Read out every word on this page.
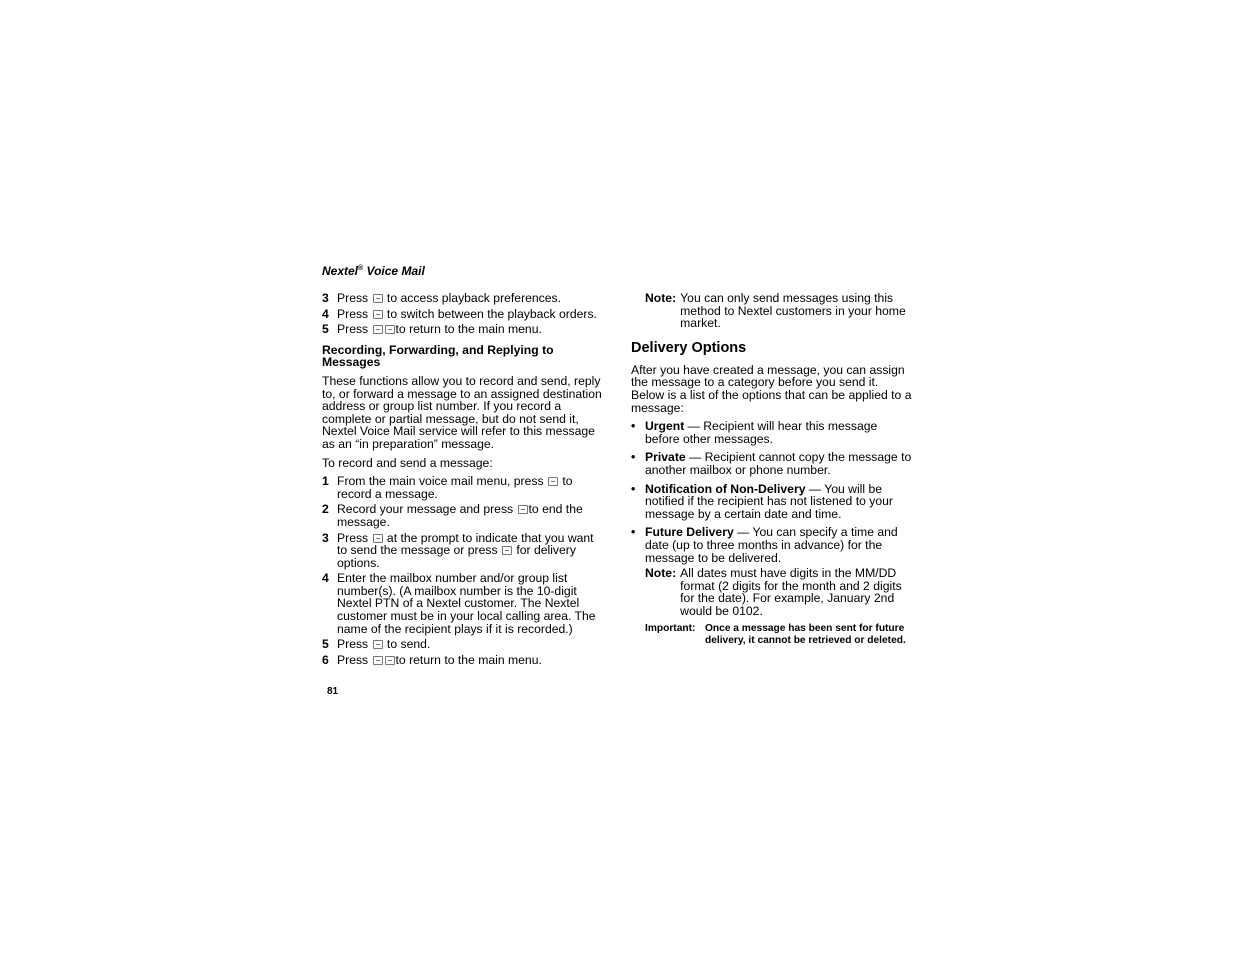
Nextel® Voice Mail
3 Press  to access playback preferences.
4 Press  to switch between the playback orders.
5 Press to return to the main menu.
Recording, Forwarding, and Replying to Messages

These functions allow you to record and send, reply to, or forward a message to an assigned destination address or group list number. If you record a complete or partial message, but do not send it, Nextel Voice Mail service will refer to this message as an “in preparation” message.

To record and send a message:

1 From the main voice mail menu, press  to record a message.
2 Record your message and press to end the message.
3 Press  at the prompt to indicate that you want to send the message or press  for delivery options.
4 Enter the mailbox number and/or group list number(s). (A mailbox number is the 10-digit Nextel PTN of a Nextel customer. The Nextel customer must be in your local calling area. The name of the recipient plays if it is recorded.)
5 Press  to send.
6 Press to return to the main menu.
Note: You can only send messages using this method to Nextel customers in your home market.
Delivery Options

After you have created a message, you can assign the message to a category before you send it. Below is a list of the options that can be applied to a message:

• Urgent — Recipient will hear this message before other messages.
• Private — Recipient cannot copy the message to another mailbox or phone number.
• Notification of Non-Delivery — You will be notified if the recipient has not listened to your message by a certain date and time.
• Future Delivery — You can specify a time and date (up to three months in advance) for the message to be delivered.
Note: All dates must have digits in the MM/DD format (2 digits for the month and 2 digits for the date). For example, January 2nd would be 0102.
Important: Once a message has been sent for future delivery, it cannot be retrieved or deleted.
81
